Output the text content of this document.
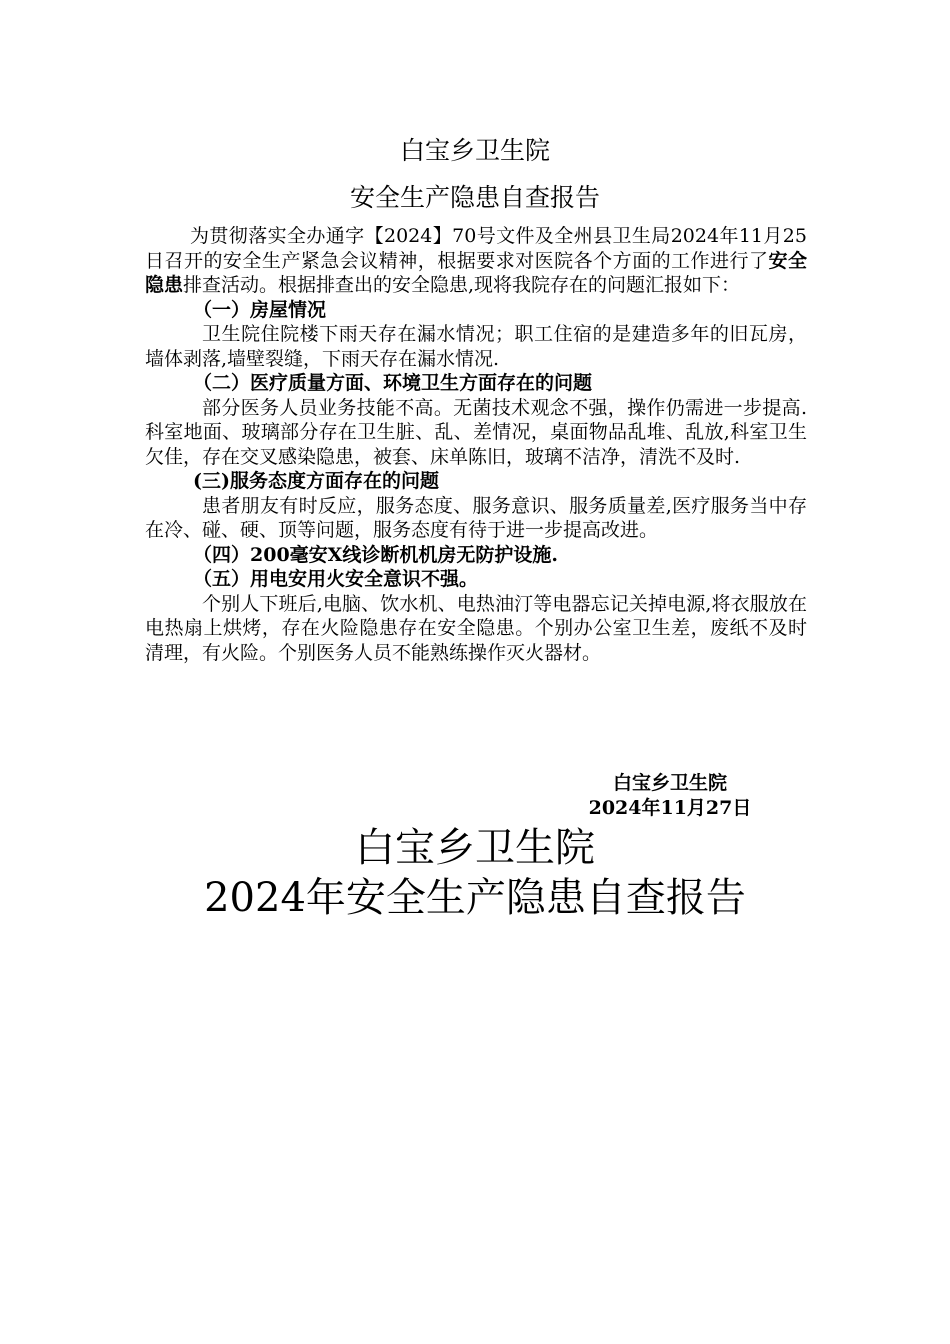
白宝乡卫生院
安全生产隐患自查报告

为贯彻落实全办通字【2024】70号文件及全州县卫生局2024年11月25日召开的安全生产紧急会议精神，根据要求对医院各个方面的工作进行了安全隐患排查活动。根据排查出的安全隐患,现将我院存在的问题汇报如下：

（一）房屋情况

卫生院住院楼下雨天存在漏水情况；职工住宿的是建造多年的旧瓦房，墙体剥落,墙壁裂缝，下雨天存在漏水情况.

（二）医疗质量方面、环境卫生方面存在的问题

部分医务人员业务技能不高。无菌技术观念不强，操作仍需进一步提高.科室地面、玻璃部分存在卫生脏、乱、差情况，桌面物品乱堆、乱放,科室卫生欠佳，存在交叉感染隐患，被套、床单陈旧，玻璃不洁净，清洗不及时.

(三)服务态度方面存在的问题

患者朋友有时反应，服务态度、服务意识、服务质量差,医疗服务当中存在冷、碰、硬、顶等问题，服务态度有待于进一步提高改进。

（四）200毫安X线诊断机机房无防护设施.

（五）用电安用火安全意识不强。

个别人下班后,电脑、饮水机、电热油汀等电器忘记关掉电源,将衣服放在电热扇上烘烤，存在火险隐患存在安全隐患。个别办公室卫生差，废纸不及时清理，有火险。个别医务人员不能熟练操作灭火器材。

白宝乡卫生院
2024年11月27日
白宝乡卫生院
2024年安全生产隐患自查报告
